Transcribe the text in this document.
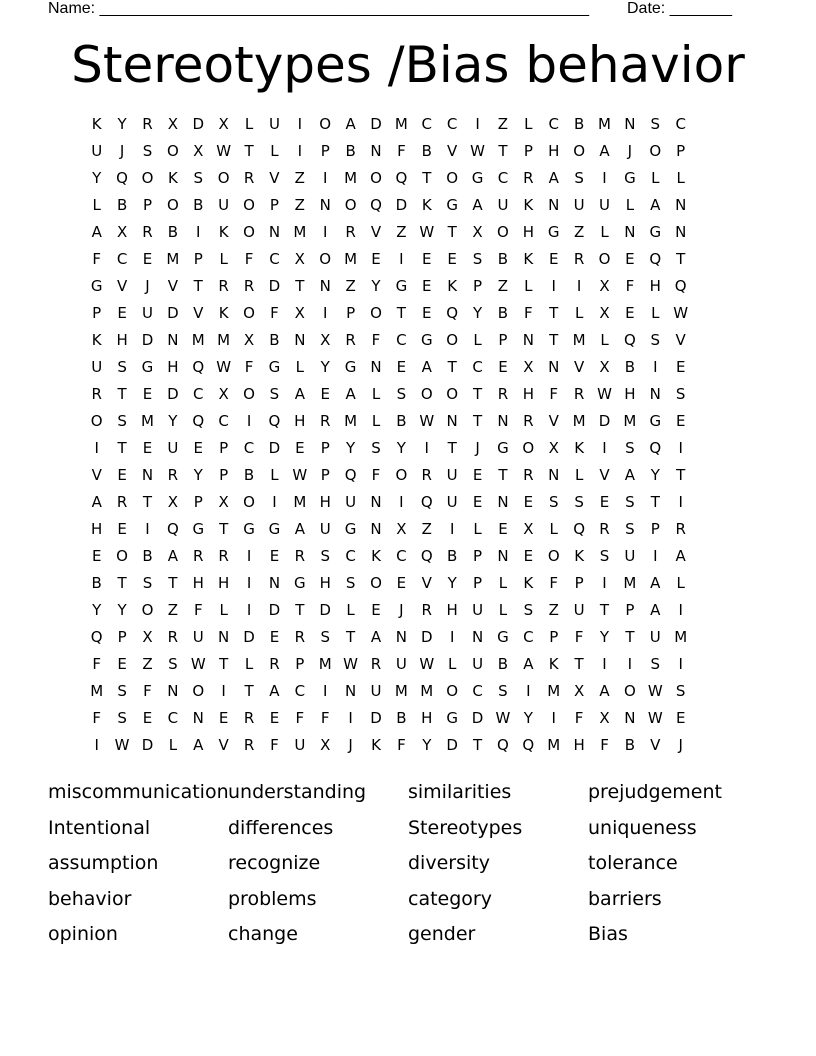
Name: _______________________________________________________ Date: _______
Stereotypes /Bias behavior
K	Y	R	X D X	L	U	I	O A D M C C	I	Z	L	C	B M N	S	C
U	J	S O X W T	L	I	P	B N	F	B	V W T	P	H O A	J	O P
Y Q O K	S O R	V	Z	I	M O Q T O G C R	A	S	I	G	L	L
L	B	P O B U O P	Z N O Q D K G A U K N U U	L	A N
A	X	R	B	I	K O N M	I	R	V	Z W T	X O H G Z	L	N G N
F	C	E M P	L	F	C	X O M E	I	E	E	S	B	K	E	R O E Q T
G V	J	V	T	R R D	T	N Z	Y G E	K	P	Z	L	I	I	X	F	H Q
P	E	U D V	K O	F	X	I	P O T	E Q Y	B	F	T	L	X	E	L W
K H D N M M X	B N X	R	F	C G O	L	P	N	T M L	Q S	V
U	S G H Q W F	G	L	Y G N	E	A	T	C	E	X N V	X	B	I	E
R	T	E D C	X O S	A	E	A	L	S O O T	R H	F	R W H N	S
O S M Y Q C	I	Q H R M L	B W N	T	N R	V M D M G E
I	T	E	U	E	P	C D E	P	Y	S	Y	I	T	J	G O X	K	I	S Q	I
V	E	N R	Y	P	B	L W P Q	F	O R U	E	T	R N	L	V	A	Y	T
A	R	T	X	P	X O	I	M H U N	I	Q U	E	N	E	S	S	E	S	T	I
H	E	I	Q G	T G G A U G N X	Z	I	L	E	X	L	Q R	S	P	R
E O B	A	R R	I	E	R	S	C	K	C Q B	P	N	E O K	S	U	I	A
B	T	S	T	H H	I	N G H S O E	V	Y	P	L	K	F	P	I	M A	L
Y	Y O Z	F	L	I	D	T	D	L	E	J	R H U	L	S	Z U	T	P	A	I
Q P	X	R U N D E	R	S	T	A N D	I	N G C	P	F	Y	T	U M
F	E	Z	S W T	L	R	P M W R U W L	U B	A	K	T	I	I	S	I
M S	F	N O	I	T	A	C	I	N U M M O C	S	I	M X	A O W S
F	S	E	C N	E	R	E	F	F	I	D B H G D W Y	I	F	X N W E
I	W D	L	A	V	R	F	U X	J	K	F	Y	D	T Q Q M H	F	B	V	J
miscommunication understanding	similarities	prejudgement
Intentional	differences	Stereotypes	uniqueness
assumption	recognize	diversity	tolerance
behavior	problems	category	barriers
opinion	change	gender	Bias
